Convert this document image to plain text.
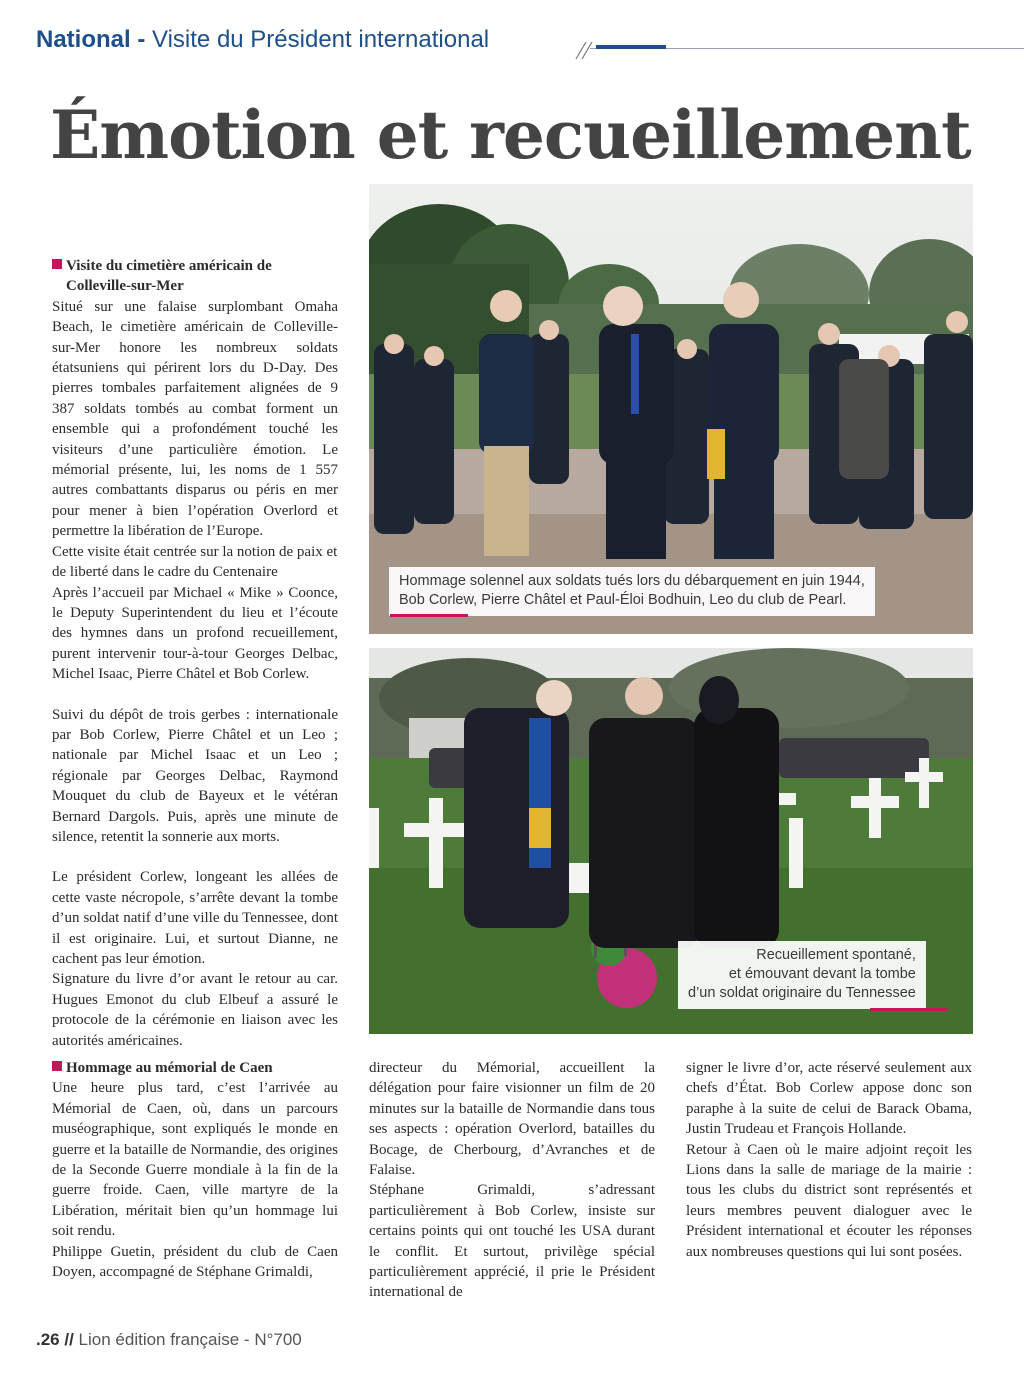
National - Visite du Président international
Émotion et recueillement
Visite du cimetière américain de
Colleville-sur-Mer

Situé sur une falaise surplombant Omaha Beach, le cimetière américain de Colleville-sur-Mer honore les nombreux soldats étatsuniens qui périrent lors du D-Day. Des pierres tombales parfaitement alignées de 9 387 soldats tombés au combat forment un ensemble qui a profondément touché les visiteurs d’une particulière émotion. Le mémorial présente, lui, les noms de 1 557 autres combattants disparus ou péris en mer pour mener à bien l’opération Overlord et permettre la libération de l’Europe.

Cette visite était centrée sur la notion de paix et de liberté dans le cadre du Centenaire

Après l’accueil par Michael « Mike » Coonce, le Deputy Superintendent du lieu et l’écoute des hymnes dans un profond recueillement, purent intervenir tour-à-tour Georges Delbac, Michel Isaac, Pierre Châtel et Bob Corlew.

Suivi du dépôt de trois gerbes : internationale par Bob Corlew, Pierre Châtel et un Leo ; nationale par Michel Isaac et un Leo ; régionale par Georges Delbac, Raymond Mouquet du club de Bayeux et le vétéran Bernard Dargols. Puis, après une minute de silence, retentit la sonnerie aux morts.

Le président Corlew, longeant les allées de cette vaste nécropole, s’arrête devant la tombe d’un soldat natif d’une ville du Tennessee, dont il est originaire. Lui, et surtout Dianne, ne cachent pas leur émotion.

Signature du livre d’or avant le retour au car. Hugues Emonot du club Elbeuf a assuré le protocole de la cérémonie en liaison avec les autorités américaines.

Hommage au mémorial de Caen

Une heure plus tard, c’est l’arrivée au Mémorial de Caen, où, dans un parcours muséographique, sont expliqués le monde en guerre et la bataille de Normandie, des origines de la Seconde Guerre mondiale à la fin de la guerre froide. Caen, ville martyre de la Libération, méritait bien qu’un hommage lui soit rendu.

Philippe Guetin, président du club de Caen Doyen, accompagné de Stéphane Grimaldi,

directeur du Mémorial, accueillent la délégation pour faire visionner un film de 20 minutes sur la bataille de Normandie dans tous ses aspects : opération Overlord, batailles du Bocage, de Cherbourg, d’Avranches et de Falaise.

Stéphane Grimaldi, s’adressant particulièrement à Bob Corlew, insiste sur certains points qui ont touché les USA durant le conflit. Et surtout, privilège spécial particulièrement apprécié, il prie le Président international de

signer le livre d’or, acte réservé seulement aux chefs d’État. Bob Corlew appose donc son paraphe à la suite de celui de Barack Obama, Justin Trudeau et François Hollande.

Retour à Caen où le maire adjoint reçoit les Lions dans la salle de mariage de la mairie : tous les clubs du district sont représentés et leurs membres peuvent dialoguer avec le Président international et écouter les réponses aux nombreuses questions qui lui sont posées.

Hommage solennel aux soldats tués lors du débarquement en juin 1944,
Bob Corlew, Pierre Châtel et Paul-Éloi Bodhuin, Leo du club de Pearl.
Recueillement spontané,
et émouvant devant la tombe
d’un soldat originaire du Tennessee
.26 // Lion édition française - N°700
